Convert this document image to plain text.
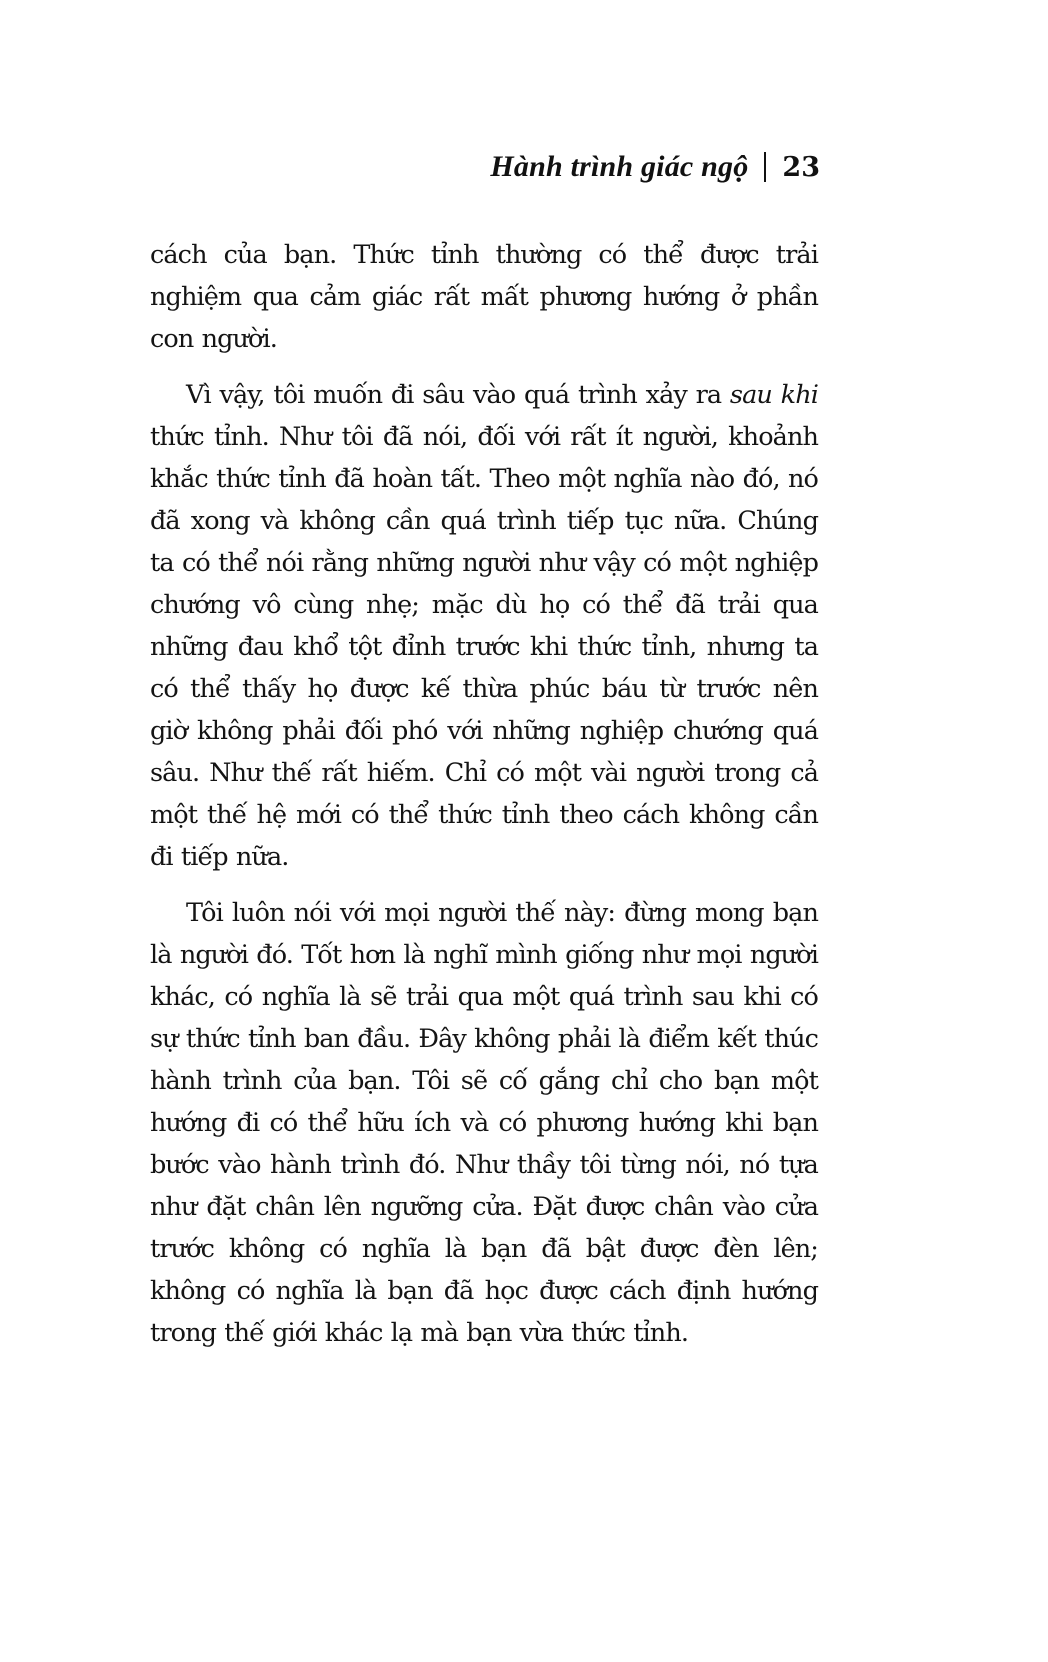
Hành trình giác ngộ 23

cách của bạn. Thức tỉnh thường có thể được trải nghiệm qua cảm giác rất mất phương hướng ở phần con người.

Vì vậy, tôi muốn đi sâu vào quá trình xảy ra sau khi thức tỉnh. Như tôi đã nói, đối với rất ít người, khoảnh khắc thức tỉnh đã hoàn tất. Theo một nghĩa nào đó, nó đã xong và không cần quá trình tiếp tục nữa. Chúng ta có thể nói rằng những người như vậy có một nghiệp chướng vô cùng nhẹ; mặc dù họ có thể đã trải qua những đau khổ tột đỉnh trước khi thức tỉnh, nhưng ta có thể thấy họ được kế thừa phúc báu từ trước nên giờ không phải đối phó với những nghiệp chướng quá sâu. Như thế rất hiếm. Chỉ có một vài người trong cả một thế hệ mới có thể thức tỉnh theo cách không cần đi tiếp nữa.

Tôi luôn nói với mọi người thế này: đừng mong bạn là người đó. Tốt hơn là nghĩ mình giống như mọi người khác, có nghĩa là sẽ trải qua một quá trình sau khi có sự thức tỉnh ban đầu. Đây không phải là điểm kết thúc hành trình của bạn. Tôi sẽ cố gắng chỉ cho bạn một hướng đi có thể hữu ích và có phương hướng khi bạn bước vào hành trình đó. Như thầy tôi từng nói, nó tựa như đặt chân lên ngưỡng cửa. Đặt được chân vào cửa trước không có nghĩa là bạn đã bật được đèn lên; không có nghĩa là bạn đã học được cách định hướng trong thế giới khác lạ mà bạn vừa thức tỉnh.
